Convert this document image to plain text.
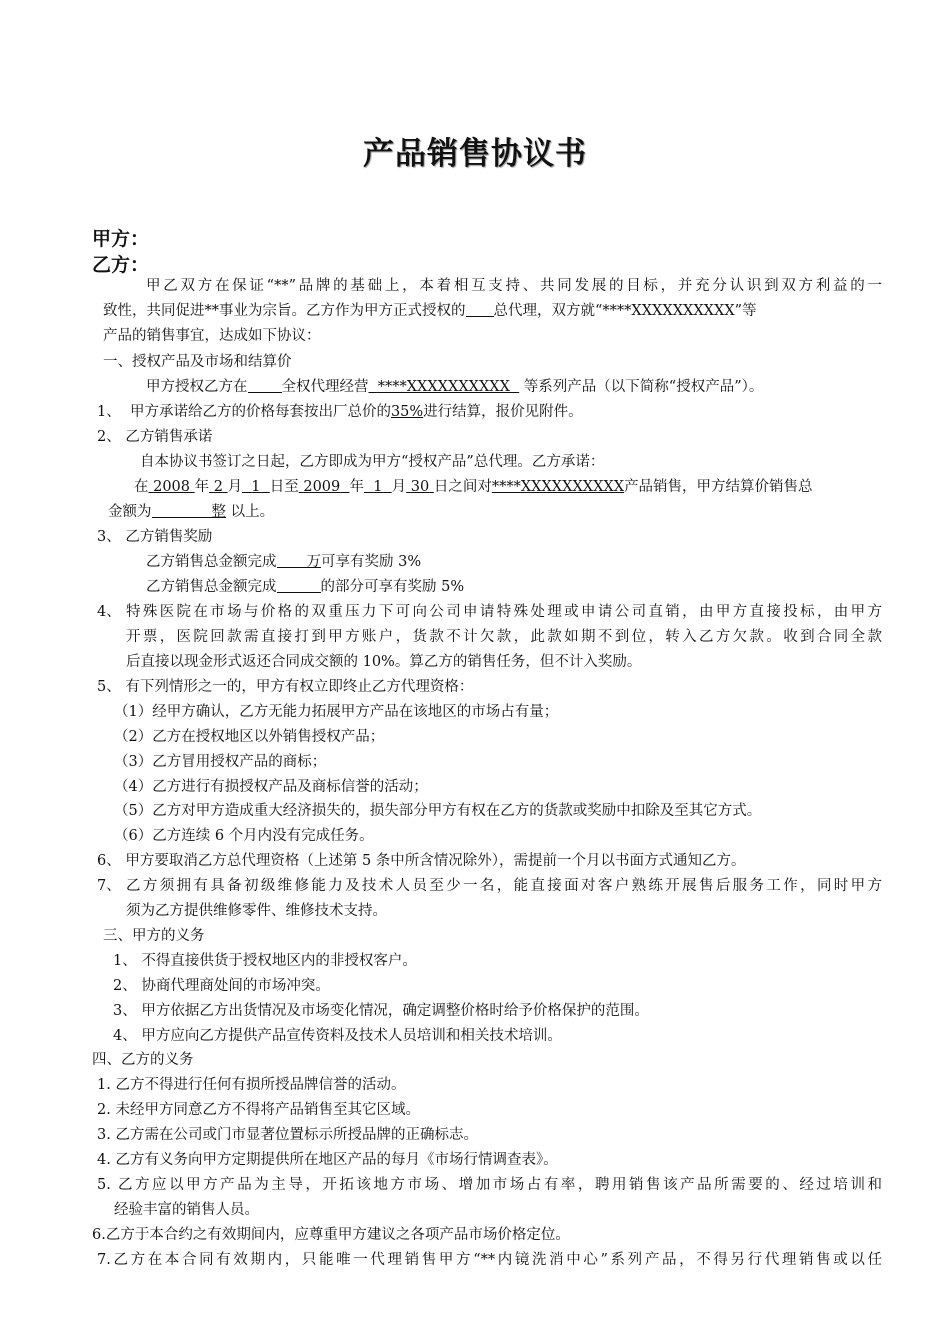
产品销售协议书
甲方：
乙方：
甲乙双方在保证“**”品牌的基础上，本着相互支持、共同发展的目标，并充分认识到双方利益的一
致性，共同促进**事业为宗旨。乙方作为甲方正式授权的 总代理，双方就“****XXXXXXXXXX”等
产品的销售事宜，达成如下协议：
一、授权产品及市场和结算价
甲方授权乙方在 全权代理经营 ****XXXXXXXXXX 等系列产品（以下简称“授权产品”）。
1、 甲方承诺给乙方的价格每套按出厂总价的35%进行结算，报价见附件。
2、 乙方销售承诺
自本协议书签订之日起，乙方即成为甲方“授权产品”总代理。乙方承诺：
在 2008 年 2 月 1 日至 2009 年 1 月 30 日之间对****XXXXXXXXXX产品销售，甲方结算价销售总
金额为	整 以上。
3、 乙方销售奖励
乙方销售总金额完成 万可享有奖励 3%
乙方销售总金额完成	的部分可享有奖励 5%
4、 特殊医院在市场与价格的双重压力下可向公司申请特殊处理或申请公司直销，由甲方直接投标，由甲方
开票，医院回款需直接打到甲方账户，货款不计欠款，此款如期不到位，转入乙方欠款。收到合同全款
后直接以现金形式返还合同成交额的 10%。算乙方的销售任务，但不计入奖励。
5、 有下列情形之一的，甲方有权立即终止乙方代理资格：
（1）经甲方确认，乙方无能力拓展甲方产品在该地区的市场占有量；
（2）乙方在授权地区以外销售授权产品；
（3）乙方冒用授权产品的商标；
（4）乙方进行有损授权产品及商标信誉的活动；
（5）乙方对甲方造成重大经济损失的，损失部分甲方有权在乙方的货款或奖励中扣除及至其它方式。
（6）乙方连续 6 个月内没有完成任务。
6、 甲方要取消乙方总代理资格（上述第 5 条中所含情况除外），需提前一个月以书面方式通知乙方。
7、 乙方须拥有具备初级维修能力及技术人员至少一名，能直接面对客户熟练开展售后服务工作，同时甲方
须为乙方提供维修零件、维修技术支持。
三、甲方的义务
1、 不得直接供货于授权地区内的非授权客户。
2、 协商代理商处间的市场冲突。
3、 甲方依据乙方出货情况及市场变化情况，确定调整价格时给予价格保护的范围。
4、 甲方应向乙方提供产品宣传资料及技术人员培训和相关技术培训。
四、乙方的义务
1. 乙方不得进行任何有损所授品牌信誉的活动。
2. 未经甲方同意乙方不得将产品销售至其它区域。
3. 乙方需在公司或门市显著位置标示所授品牌的正确标志。
4. 乙方有义务向甲方定期提供所在地区产品的每月《市场行情调查表》。
5. 乙方应以甲方产品为主导，开拓该地方市场、增加市场占有率，聘用销售该产品所需要的、经过培训和
经验丰富的销售人员。
6.乙方于本合约之有效期间内，应尊重甲方建议之各项产品市场价格定位。
7.乙方在本合同有效期内，只能唯一代理销售甲方“**内镜洗消中心”系列产品，不得另行代理销售或以任
